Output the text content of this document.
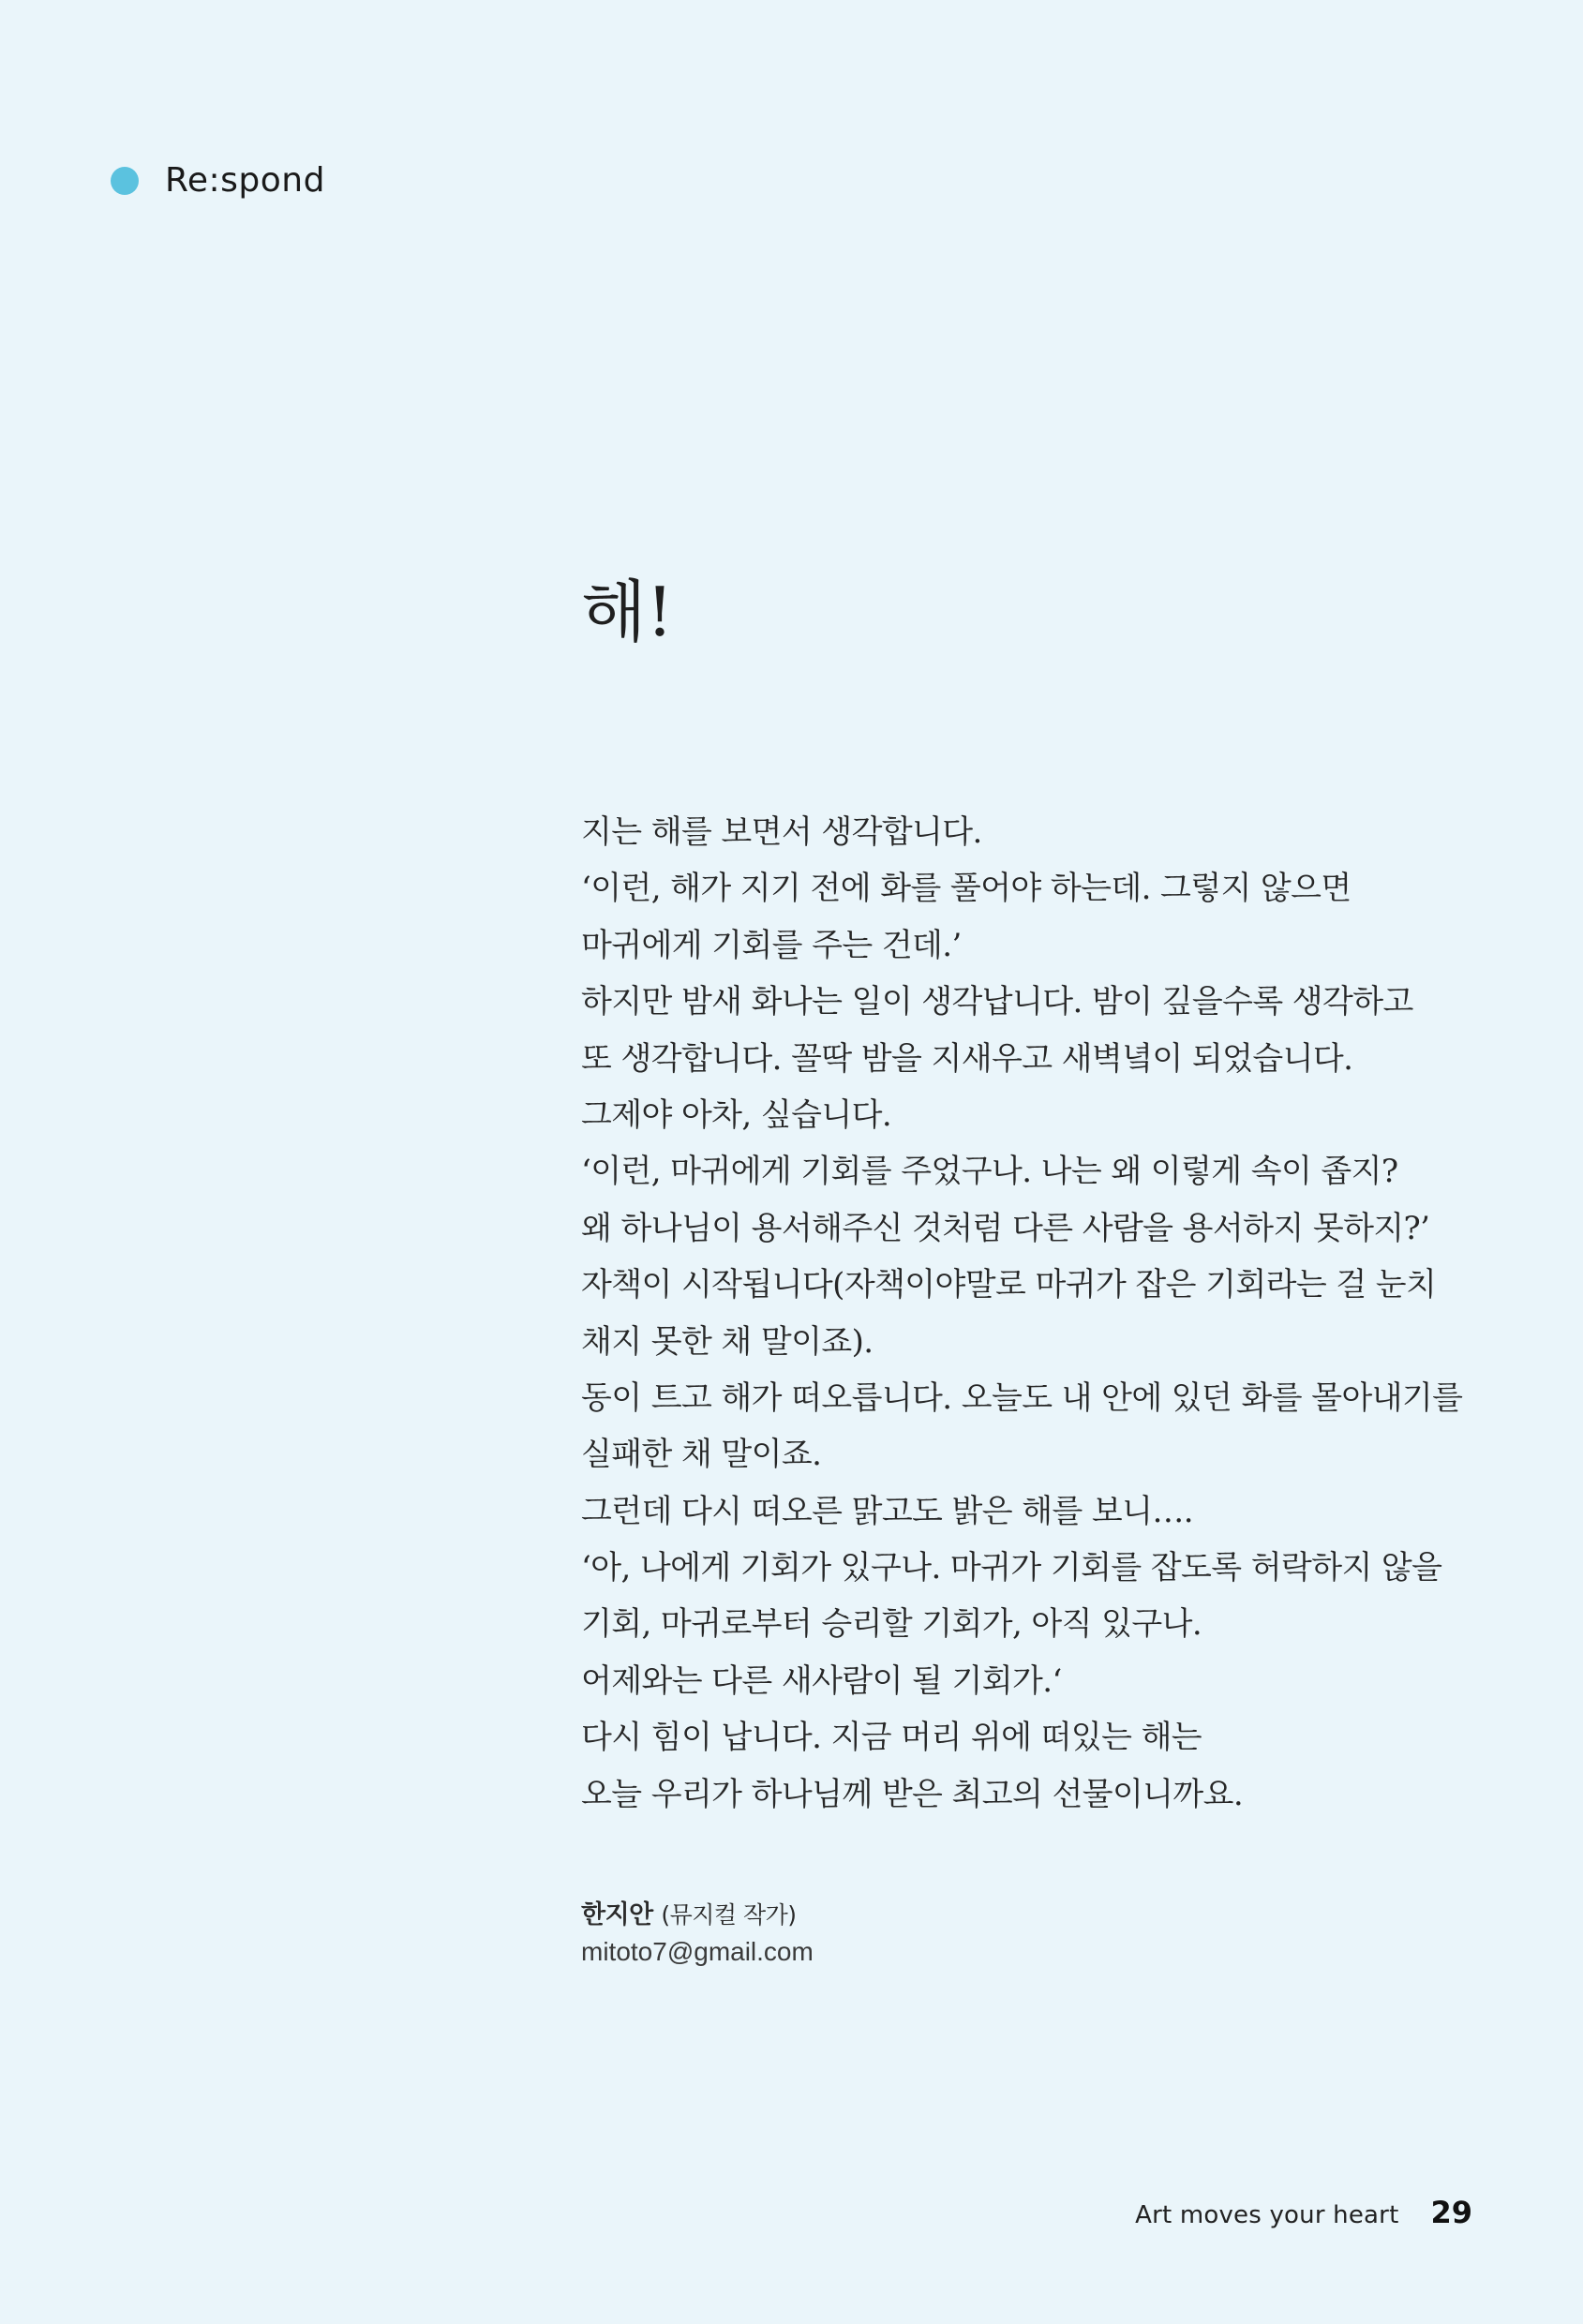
Re:spond
해!
지는 해를 보면서 생각합니다.
‘이런, 해가 지기 전에 화를 풀어야 하는데. 그렇지 않으면
마귀에게 기회를 주는 건데.’
하지만 밤새 화나는 일이 생각납니다. 밤이 깊을수록 생각하고
또 생각합니다. 꼴딱 밤을 지새우고 새벽녘이 되었습니다.
그제야 아차, 싶습니다.
‘이런, 마귀에게 기회를 주었구나. 나는 왜 이렇게 속이 좁지?
왜 하나님이 용서해주신 것처럼 다른 사람을 용서하지 못하지?’
자책이 시작됩니다(자책이야말로 마귀가 잡은 기회라는 걸 눈치
채지 못한 채 말이죠).
동이 트고 해가 떠오릅니다. 오늘도 내 안에 있던 화를 몰아내기를
실패한 채 말이죠.
그런데 다시 떠오른 맑고도 밝은 해를 보니….
‘아, 나에게 기회가 있구나. 마귀가 기회를 잡도록 허락하지 않을
기회, 마귀로부터 승리할 기회가, 아직 있구나.
어제와는 다른 새사람이 될 기회가.‘
다시 힘이 납니다. 지금 머리 위에 떠있는 해는
오늘 우리가 하나님께 받은 최고의 선물이니까요.
한지안 (뮤지컬 작가)
mitoto7@gmail.com
Art moves your heart 29
